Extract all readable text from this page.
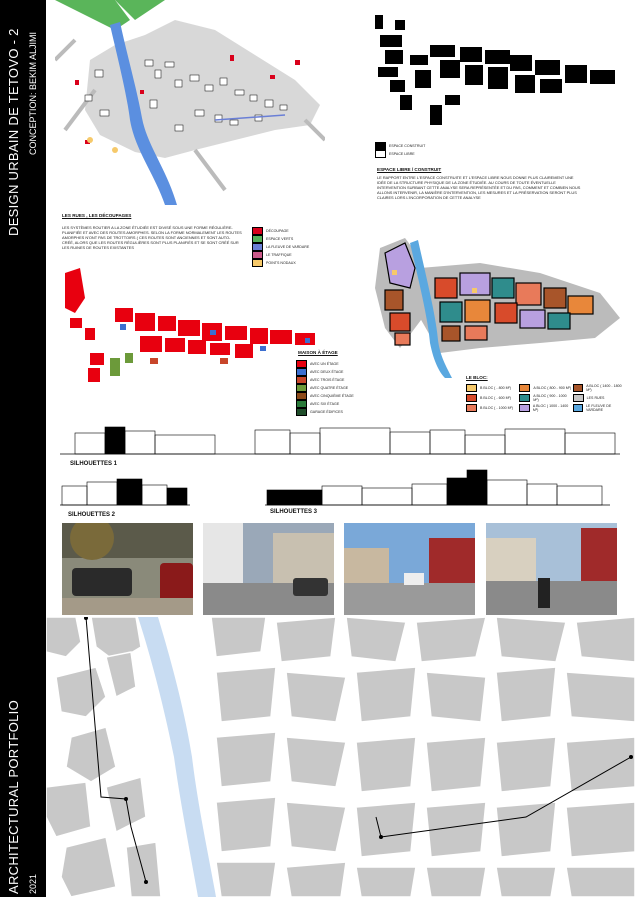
DESIGN URBAIN DE TETOVO - 2 CONCEPTION: BEKIM ALJIMI
ARCHITECTURAL PORTFOLIO 2021
ESPACE CONSTRUIT
ESPACE LIBRE
ESPACE LIBRE / CONSTRUIT
LE RAPPORT ENTRE L'ESPACE CONSTRUITE ET L'ESPACE LIBRE NOUS DONNE PLUS CLAIREMENT UNE IDÉE DE LA STRUCTURE PHYSIQUE DE LA ZONE ÉTUDIÉE. AU COURS DE TOUTE ÉVENTUELLE INTERVENTION SURBANT CETTE ANALYSE SERA REPRÉSENTÉE ET DU PAS, COMMENT ET COMBIEN NOUS ALLONS INTERVENIR, LA MANIÈRE D'INTERVENTION, LES MESURES ET LA PRÉSERVATION SERONT PLUS CLAIRES LORS L'INCORPORATION DE CETTE ANALYSE
LES RUES , LES DÉCOUPAGES
LES SYSTÈMES ROUTIER A LA ZONE ÉTUDIÉE EST DIVISÉ SOUS UNE FORME RÉGULIÈRE-PLANIFIÉE ET AVEC DES ROUTES AMORPHES. SELON LA FORME NORMALEMENT LES ROUTES AMORPHES N'ONT PAS DE TROTTOIRS ( CES ROUTES SONT ANCIENNES ET SONT AUTO-CRÉÉ, ALORS QUE LES ROUTES RÉGULIÈRES SONT PLUS PLANIFIÉS ET SE SONT CRÉÉ SUR LES RUINES DE ROUTES EXISTANTES
DÉCOUPAGE
ESPACE VERTS
LA FLEUVE DE VARDARE
LE TRAFFIQUE
POINTS NODAUX
MAISON À ÉTAGE
AVEC UN ÉTAGE
AVEC DEUX ÉTAGE
AVEC TROIS ÉTAGE
AVEC QUATRE ÉTAGE
AVEC CINQUIÈME ÉTAGE
AVEC SIX ÉTAGE
GARAGE ÉDIFICES
LE BLOC:
B BLOC ( - 800 M²)	A BLOC ( 800 - 900 M²)	A BLOC ( 1400 - 1800 M²)
B BLOC ( - 600 M²)	A BLOC ( 900 - 1000 M²)	LES RUES
B BLOC ( - 1000 M²)	A BLOC ( 1000 - 1400 M²)
LE FLEUVE DE VARDARE
SILHOUETTES 1
SILHOUETTES 2	SILHOUETTES 3
